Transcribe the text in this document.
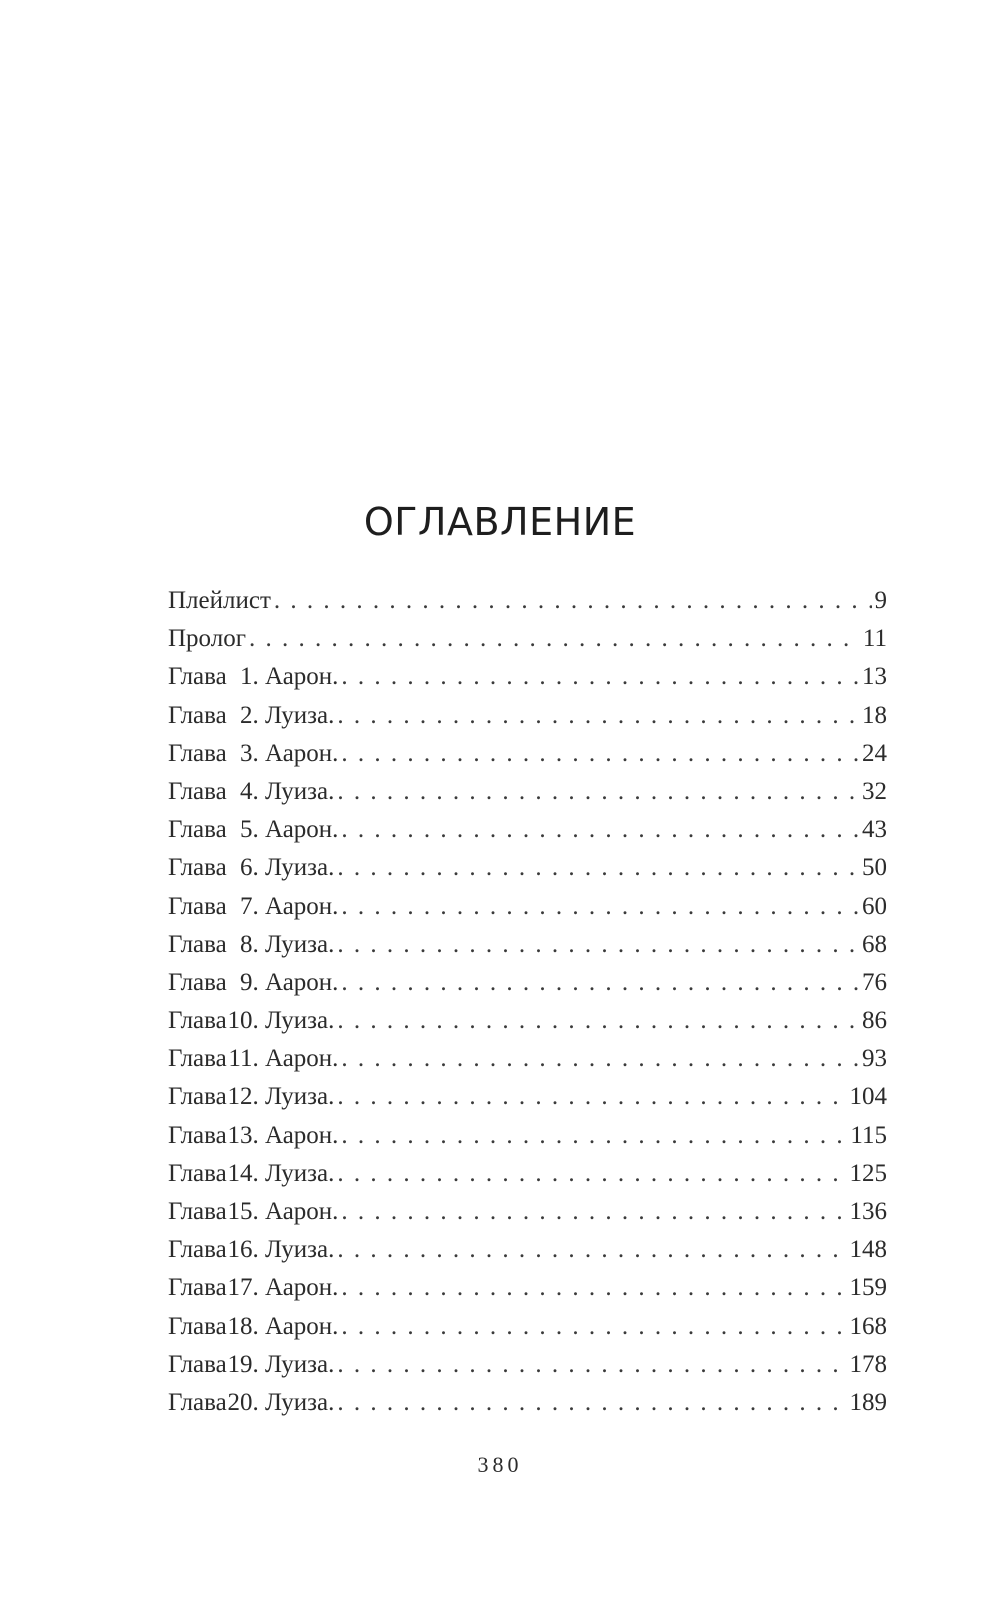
ОГЛАВЛЕНИЕ
Плейлист . . .	9
Пролог . . .	11
Глава 1. Аарон. . . .	13
Глава 2. Луиза. . . .	18
Глава 3. Аарон. . . .	24
Глава 4. Луиза. . . .	32
Глава 5. Аарон. . . .	43
Глава 6. Луиза. . . .	50
Глава 7. Аарон. . . .	60
Глава 8. Луиза. . . .	68
Глава 9. Аарон. . . .	76
Глава10. Луиза. . . .	86
Глава11. Аарон. . . .	93
Глава12. Луиза. . . .	104
Глава13. Аарон. . . .	115
Глава14. Луиза. . . .	125
Глава15. Аарон. . . .	136
Глава16. Луиза. . . .	148
Глава17. Аарон. . . .	159
Глава18. Аарон. . . .	168
Глава19. Луиза. . . .	178
Глава20. Луиза. . . .	189
380
